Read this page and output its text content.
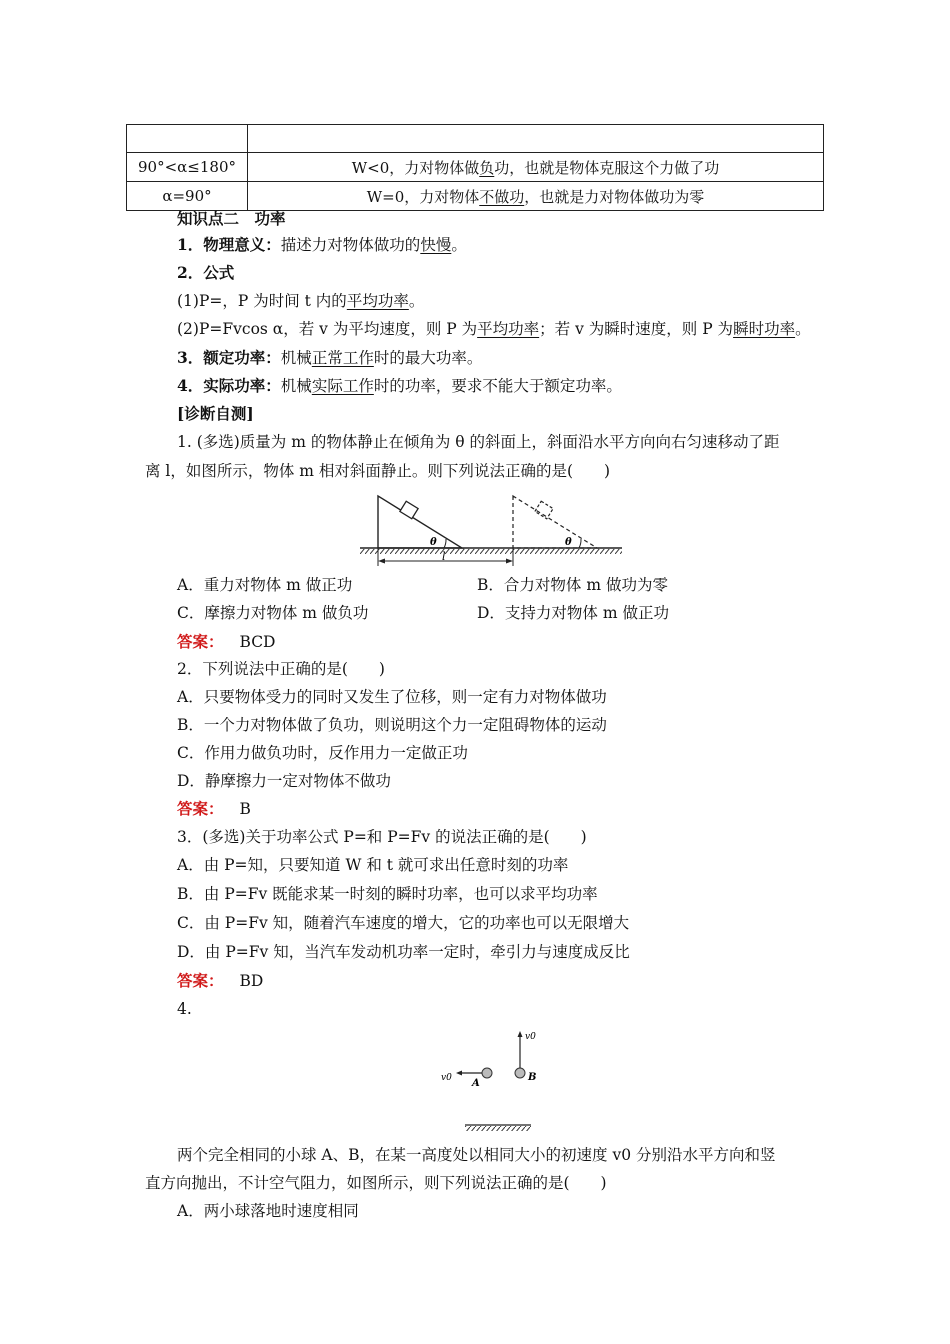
90°<α≤180°	W<0，力对物体做负功，也就是物体克服这个力做了功
α=90°	W=0，力对物体不做功，也就是力对物体做功为零
知识点二　功率
1．物理意义：描述力对物体做功的快慢。
2．公式
(1)P=，P 为时间 t 内的平均功率。
(2)P=Fvcos α，若 v 为平均速度，则 P 为平均功率；若 v 为瞬时速度，则 P 为瞬时功率。
3．额定功率：机械正常工作时的最大功率。
4．实际功率：机械实际工作时的功率，要求不能大于额定功率。
[诊断自测]
1. (多选)质量为 m 的物体静止在倾角为 θ 的斜面上，斜面沿水平方向向右匀速移动了距
离 l，如图所示，物体 m 相对斜面静止。则下列说法正确的是(　　)
θ	θ
l
A．重力对物体 m 做正功	B．合力对物体 m 做功为零
C．摩擦力对物体 m 做负功	D．支持力对物体 m 做正功
答案： BCD
2．下列说法中正确的是(　　)
A．只要物体受力的同时又发生了位移，则一定有力对物体做功
B．一个力对物体做了负功，则说明这个力一定阻碍物体的运动
C．作用力做负功时，反作用力一定做正功
D．静摩擦力一定对物体不做功
答案： B
3．(多选)关于功率公式 P=和 P=Fv 的说法正确的是(　　)
A．由 P=知，只要知道 W 和 t 就可求出任意时刻的功率
B．由 P=Fv 既能求某一时刻的瞬时功率，也可以求平均功率
C．由 P=Fv 知，随着汽车速度的增大，它的功率也可以无限增大
D．由 P=Fv 知，当汽车发动机功率一定时，牵引力与速度成反比
答案： BD
4.
v0 A
v0
B
两个完全相同的小球 A、B，在某一高度处以相同大小的初速度 v0 分别沿水平方向和竖
直方向抛出，不计空气阻力，如图所示，则下列说法正确的是(　　)
A．两小球落地时速度相同
